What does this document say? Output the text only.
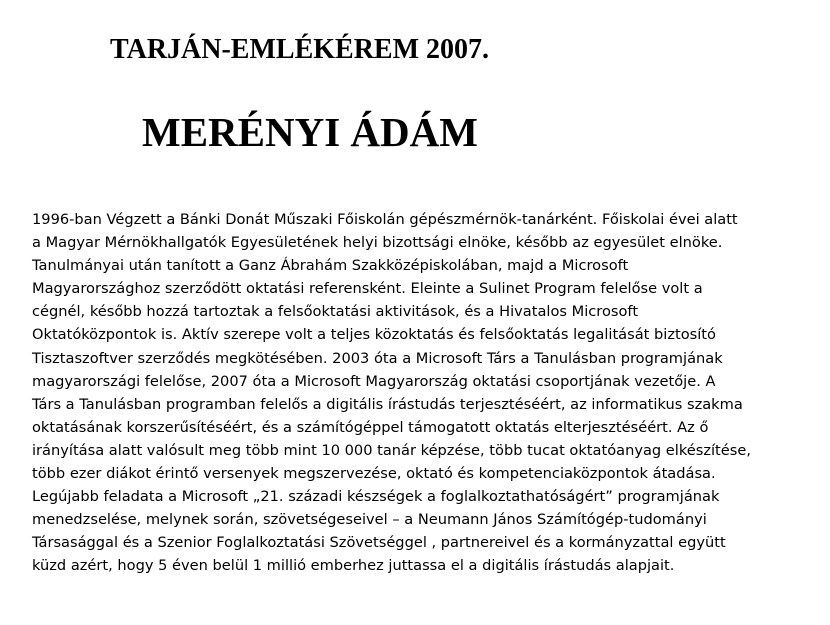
TARJÁN-EMLÉKÉREM 2007.
MERÉNYI ÁDÁM
1996-ban Végzett a Bánki Donát Műszaki Főiskolán gépészmérnök-tanárként. Főiskolai évei alatt
a Magyar Mérnökhallgatók Egyesületének helyi bizottsági elnöke, később az egyesület elnöke.
Tanulmányai után tanított a Ganz Ábrahám Szakközépiskolában, majd a Microsoft
Magyarországhoz szerződött oktatási referensként. Eleinte a Sulinet Program felelőse volt a
cégnél, később hozzá tartoztak a felsőoktatási aktivitások, és a Hivatalos Microsoft
Oktatóközpontok is. Aktív szerepe volt a teljes közoktatás és felsőoktatás legalitását biztosító
Tisztaszoftver szerződés megkötésében. 2003 óta a Microsoft Társ a Tanulásban programjának
magyarországi felelőse, 2007 óta a Microsoft Magyarország oktatási csoportjának vezetője. A
Társ a Tanulásban programban felelős a digitális írástudás terjesztéséért, az informatikus szakma
oktatásának korszerűsítéséért, és a számítógéppel támogatott oktatás elterjesztéséért. Az ő
irányítása alatt valósult meg több mint 10 000 tanár képzése, több tucat oktatóanyag elkészítése,
több ezer diákot érintő versenyek megszervezése, oktató és kompetenciaközpontok átadása.
Legújabb feladata a Microsoft „21. századi készségek a foglalkoztathatóságért” programjának
menedzselése, melynek során, szövetségeseivel – a Neumann János Számítógép-tudományi
Társasággal és a Szenior Foglalkoztatási Szövetséggel , partnereivel és a kormányzattal együtt
küzd azért, hogy 5 éven belül 1 millió emberhez juttassa el a digitális írástudás alapjait.
